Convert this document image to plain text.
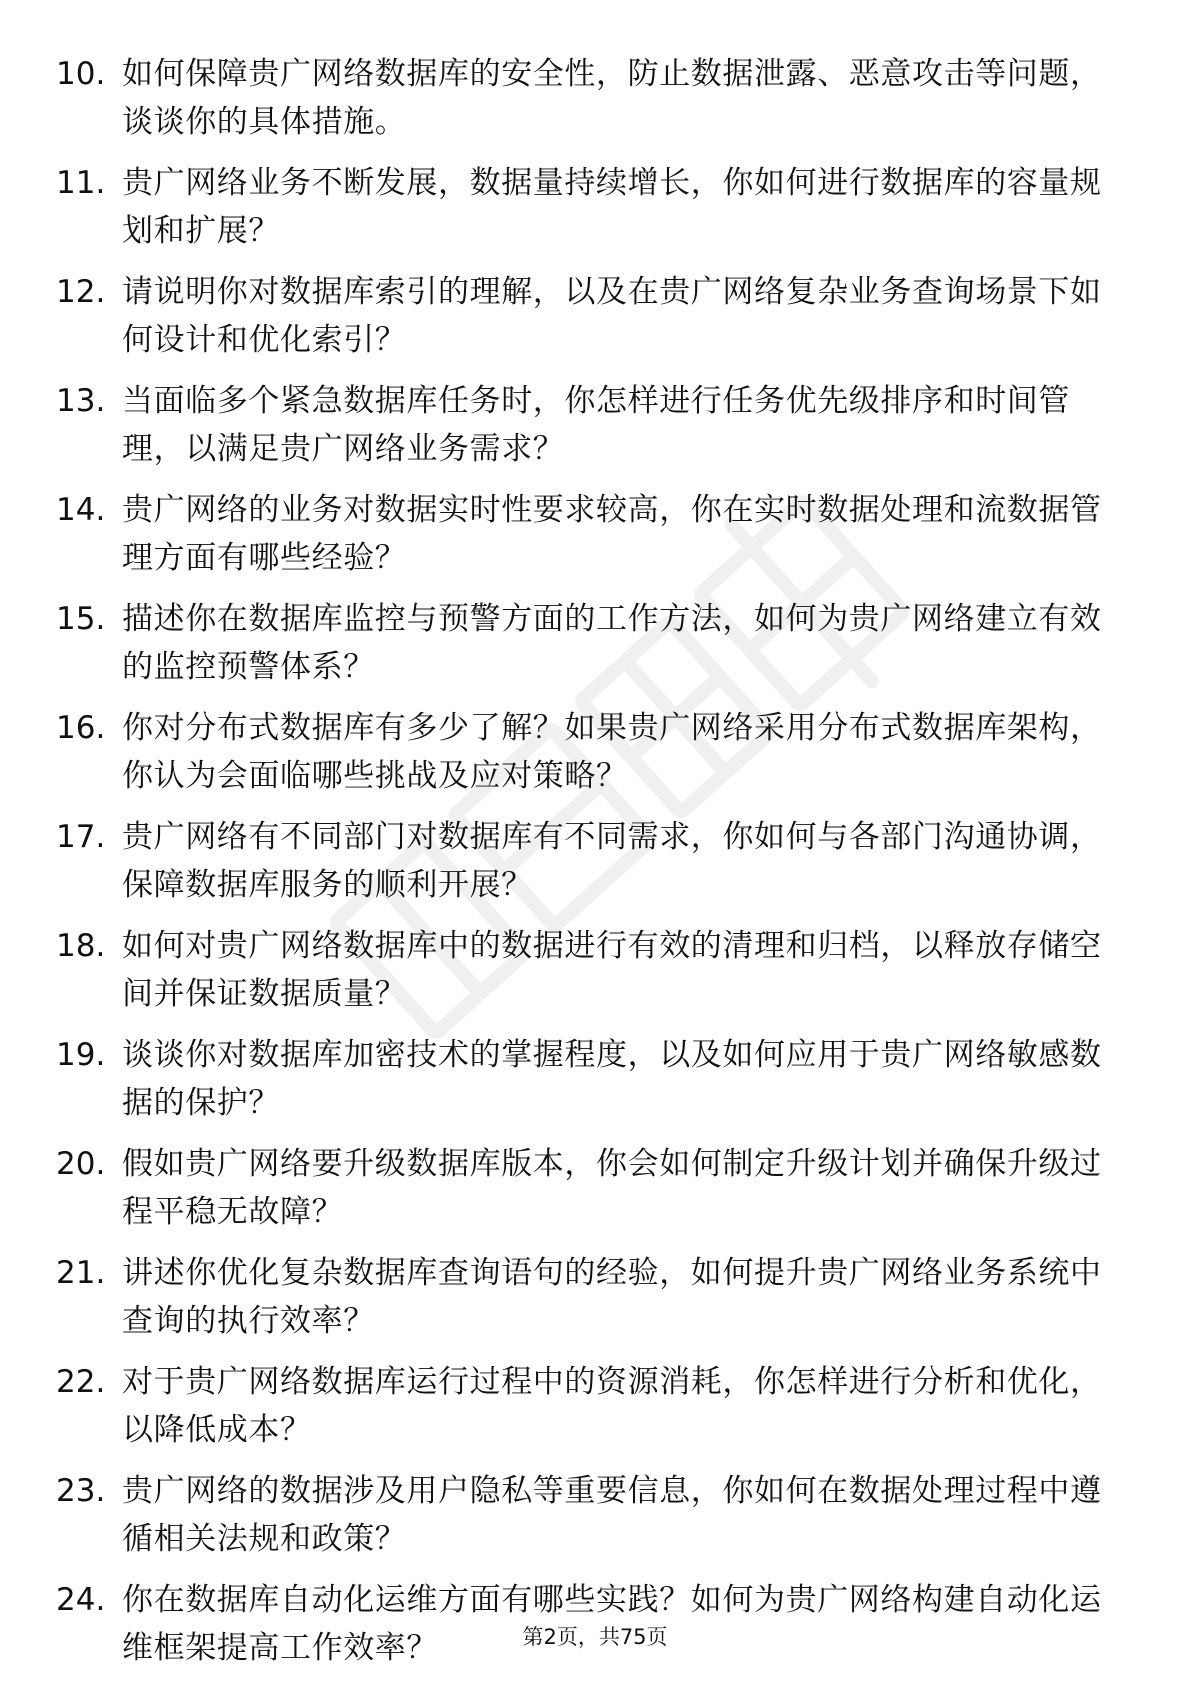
10. 如何保障贵广网络数据库的安全性，防止数据泄露、恶意攻击等问题，谈谈你的具体措施。
11. 贵广网络业务不断发展，数据量持续增长，你如何进行数据库的容量规划和扩展？
12. 请说明你对数据库索引的理解，以及在贵广网络复杂业务查询场景下如何设计和优化索引？
13. 当面临多个紧急数据库任务时，你怎样进行任务优先级排序和时间管理，以满足贵广网络业务需求？
14. 贵广网络的业务对数据实时性要求较高，你在实时数据处理和流数据管理方面有哪些经验？
15. 描述你在数据库监控与预警方面的工作方法，如何为贵广网络建立有效的监控预警体系？
16. 你对分布式数据库有多少了解？如果贵广网络采用分布式数据库架构，你认为会面临哪些挑战及应对策略？
17. 贵广网络有不同部门对数据库有不同需求，你如何与各部门沟通协调，保障数据库服务的顺利开展？
18. 如何对贵广网络数据库中的数据进行有效的清理和归档，以释放存储空间并保证数据质量？
19. 谈谈你对数据库加密技术的掌握程度，以及如何应用于贵广网络敏感数据的保护？
20. 假如贵广网络要升级数据库版本，你会如何制定升级计划并确保升级过程平稳无故障？
21. 讲述你优化复杂数据库查询语句的经验，如何提升贵广网络业务系统中查询的执行效率？
22. 对于贵广网络数据库运行过程中的资源消耗，你怎样进行分析和优化，以降低成本？
23. 贵广网络的数据涉及用户隐私等重要信息，你如何在数据处理过程中遵循相关法规和政策？
24. 你在数据库自动化运维方面有哪些实践？如何为贵广网络构建自动化运维框架提高工作效率？	第2页，共75页
